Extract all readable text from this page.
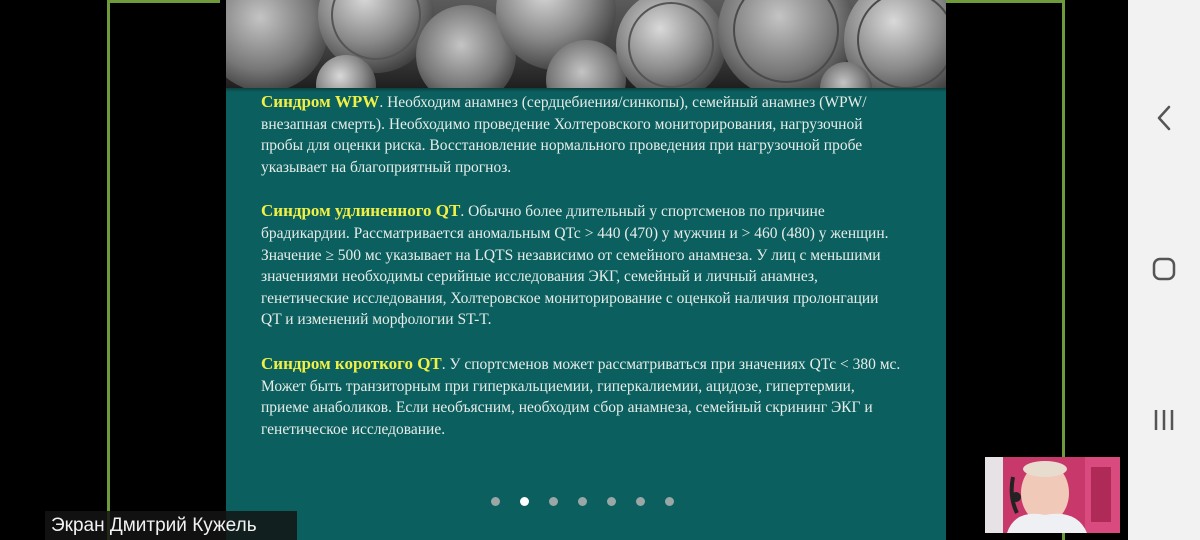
Синдром WPW. Необходим анамнез (сердцебиения/синкопы), семейный анамнез (WPW/внезапная смерть). Необходимо проведение Холтеровского мониторирования, нагрузочной пробы для оценки риска. Восстановление нормального проведения при нагрузочной пробе указывает на благоприятный прогноз.

Синдром удлиненного QT. Обычно более длительный у спортсменов по причине брадикардии. Рассматривается аномальным QTc > 440 (470) у мужчин и > 460 (480) у женщин. Значение ≥ 500 мс указывает на LQTS независимо от семейного анамнеза. У лиц с меньшими значениями необходимы серийные исследования ЭКГ, семейный и личный анамнез, генетические исследования, Холтеровское мониторирование с оценкой наличия пролонгации QT и изменений морфологии ST-T.

Синдром короткого QT. У спортсменов может рассматриваться при значениях QTc < 380 мс. Может быть транзиторным при гиперкальциемии, гиперкалиемии, ацидозе, гипертермии, приеме анаболиков. Если необъясним, необходим сбор анамнеза, семейный скрининг ЭКГ и генетическое исследование.

Экран Дмитрий Кужель
